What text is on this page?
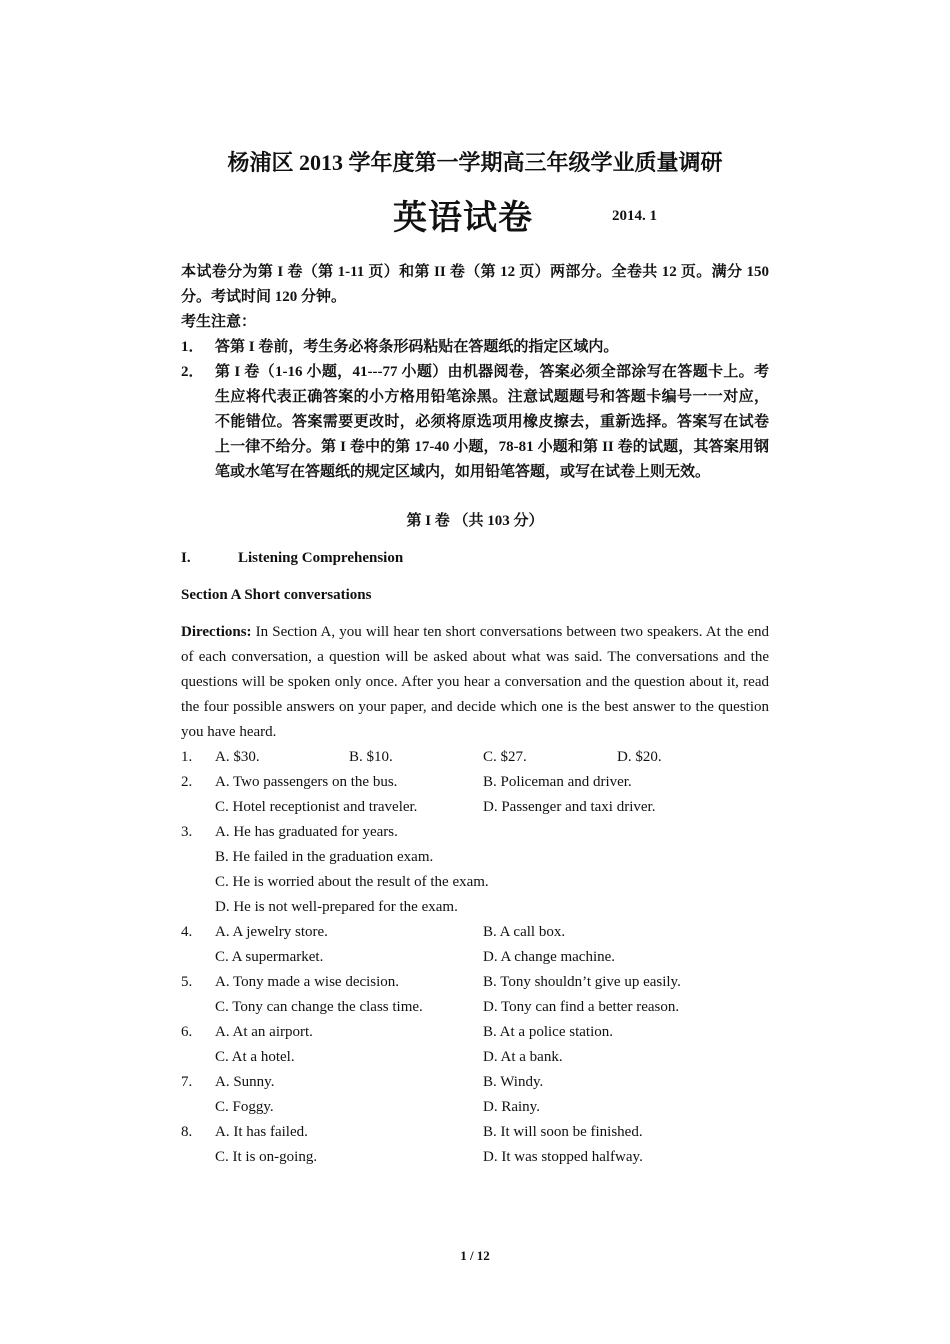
杨浦区 2013 学年度第一学期高三年级学业质量调研
英语试卷	2014. 1
本试卷分为第 I 卷（第 1-11 页）和第 II 卷（第 12 页）两部分。全卷共 12 页。满分 150 分。考试时间 120 分钟。
考生注意：
1． 答第 I 卷前，考生务必将条形码粘贴在答题纸的指定区域内。
2． 第 I 卷（1-16 小题，41---77 小题）由机器阅卷，答案必须全部涂写在答题卡上。考生应将代表正确答案的小方格用铅笔涂黑。注意试题题号和答题卡编号一一对应，不能错位。答案需要更改时，必须将原选项用橡皮擦去，重新选择。答案写在试卷上一律不给分。第 I 卷中的第 17-40 小题，78-81 小题和第 II 卷的试题，其答案用钢笔或水笔写在答题纸的规定区域内，如用铅笔答题，或写在试卷上则无效。
第 I 卷 （共 103 分）
I.	Listening Comprehension
Section A Short conversations
Directions: In Section A, you will hear ten short conversations between two speakers. At the end of each conversation, a question will be asked about what was said. The conversations and the questions will be spoken only once. After you hear a conversation and the question about it, read the four possible answers on your paper, and decide which one is the best answer to the question you have heard.
1.	A. $30.	B. $10.	C. $27.	D. $20.
2.	A. Two passengers on the bus.	B. Policeman and driver.
C. Hotel receptionist and traveler.	D. Passenger and taxi driver.
3.	A. He has graduated for years.
B. He failed in the graduation exam.
C. He is worried about the result of the exam.
D. He is not well-prepared for the exam.
4.	A. A jewelry store.	B. A call box.
C. A supermarket.	D. A change machine.
5.	A. Tony made a wise decision.	B. Tony shouldn’t give up easily.
C. Tony can change the class time.	D. Tony can find a better reason.
6.	A. At an airport.	B. At a police station.
C. At a hotel.	D. At a bank.
7.	A. Sunny.	B. Windy.
C. Foggy.	D. Rainy.
8.	A. It has failed.	B. It will soon be finished.
C. It is on-going.	D. It was stopped halfway.
1 / 12
